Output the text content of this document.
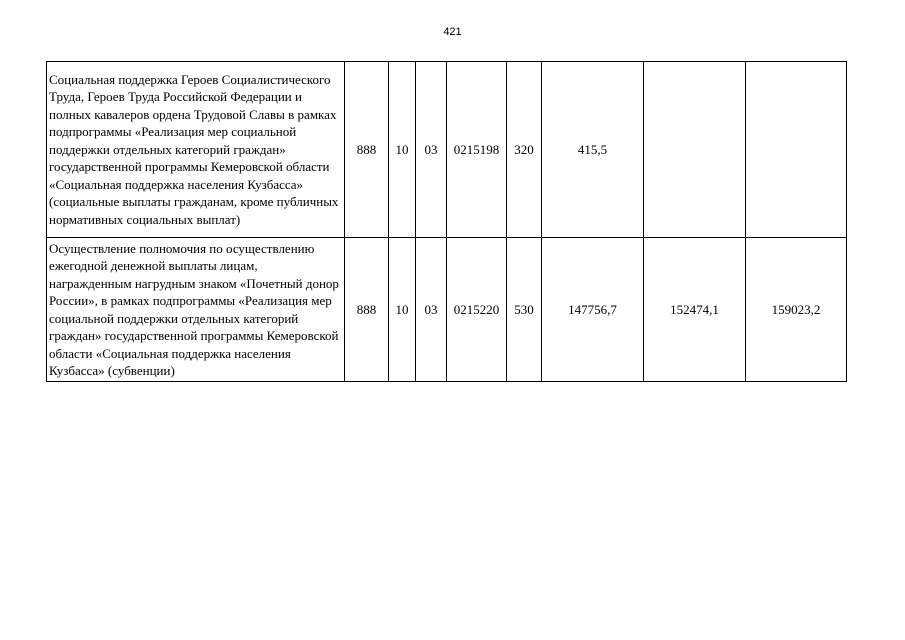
421
Социальная поддержка Героев Социалистического Труда, Героев Труда Российской Федерации и полных кавалеров ордена Трудовой Славы в рамках подпрограммы «Реализация мер социальной поддержки отдельных категорий граждан» государственной программы Кемеровской области «Социальная поддержка населения Кузбасса» (социальные выплаты гражданам, кроме публичных нормативных социальных выплат)	888	10	03	0215198	320	415,5		
Осуществление полномочия по осуществлению ежегодной денежной выплаты лицам, награжденным нагрудным знаком «Почетный донор России», в рамках подпрограммы «Реализация мер социальной поддержки отдельных категорий граждан» государственной программы Кемеровской области «Социальная поддержка населения Кузбасса» (субвенции)	888	10	03	0215220	530	147756,7	152474,1	159023,2
